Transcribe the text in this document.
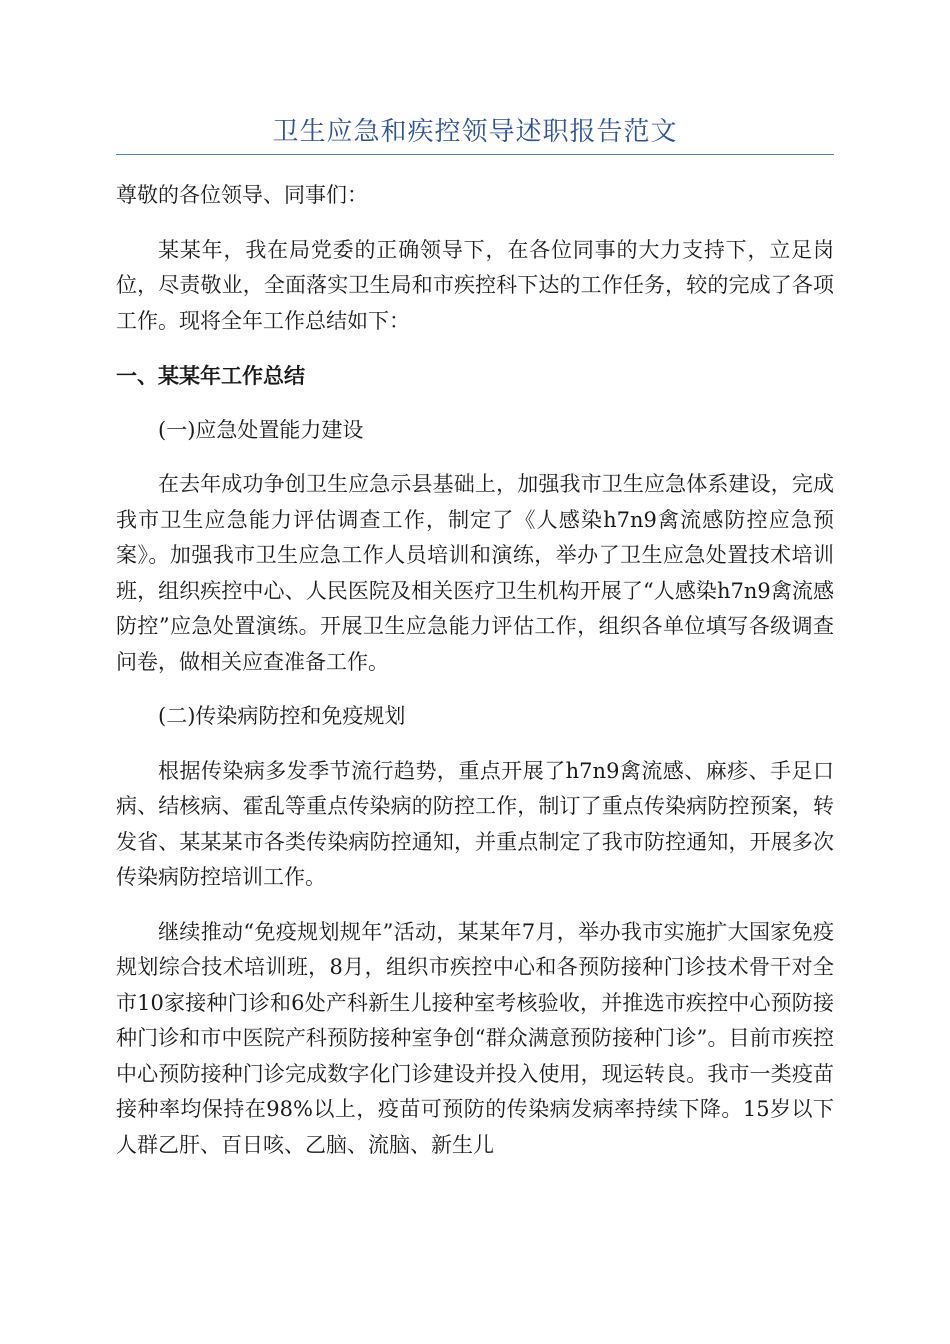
卫生应急和疾控领导述职报告范文

尊敬的各位领导、同事们：

某某年，我在局党委的正确领导下，在各位同事的大力支持下，立足岗位，尽责敬业，全面落实卫生局和市疾控科下达的工作任务，较的完成了各项工作。现将全年工作总结如下：

一、某某年工作总结

(一)应急处置能力建设

在去年成功争创卫生应急示县基础上，加强我市卫生应急体系建设，完成我市卫生应急能力评估调查工作，制定了《人感染h7n9禽流感防控应急预案》。加强我市卫生应急工作人员培训和演练，举办了卫生应急处置技术培训班，组织疾控中心、人民医院及相关医疗卫生机构开展了“人感染h7n9禽流感防控”应急处置演练。开展卫生应急能力评估工作，组织各单位填写各级调查问卷，做相关应查准备工作。

(二)传染病防控和免疫规划

根据传染病多发季节流行趋势，重点开展了h7n9禽流感、麻疹、手足口病、结核病、霍乱等重点传染病的防控工作，制订了重点传染病防控预案，转发省、某某某市各类传染病防控通知，并重点制定了我市防控通知，开展多次传染病防控培训工作。

继续推动“免疫规划规年”活动，某某年7月，举办我市实施扩大国家免疫规划综合技术培训班，8月，组织市疾控中心和各预防接种门诊技术骨干对全市10家接种门诊和6处产科新生儿接种室考核验收，并推选市疾控中心预防接种门诊和市中医院产科预防接种室争创“群众满意预防接种门诊”。目前市疾控中心预防接种门诊完成数字化门诊建设并投入使用，现运转良。我市一类疫苗接种率均保持在98%以上，疫苗可预防的传染病发病率持续下降。15岁以下人群乙肝、百日咳、乙脑、流脑、新生儿
